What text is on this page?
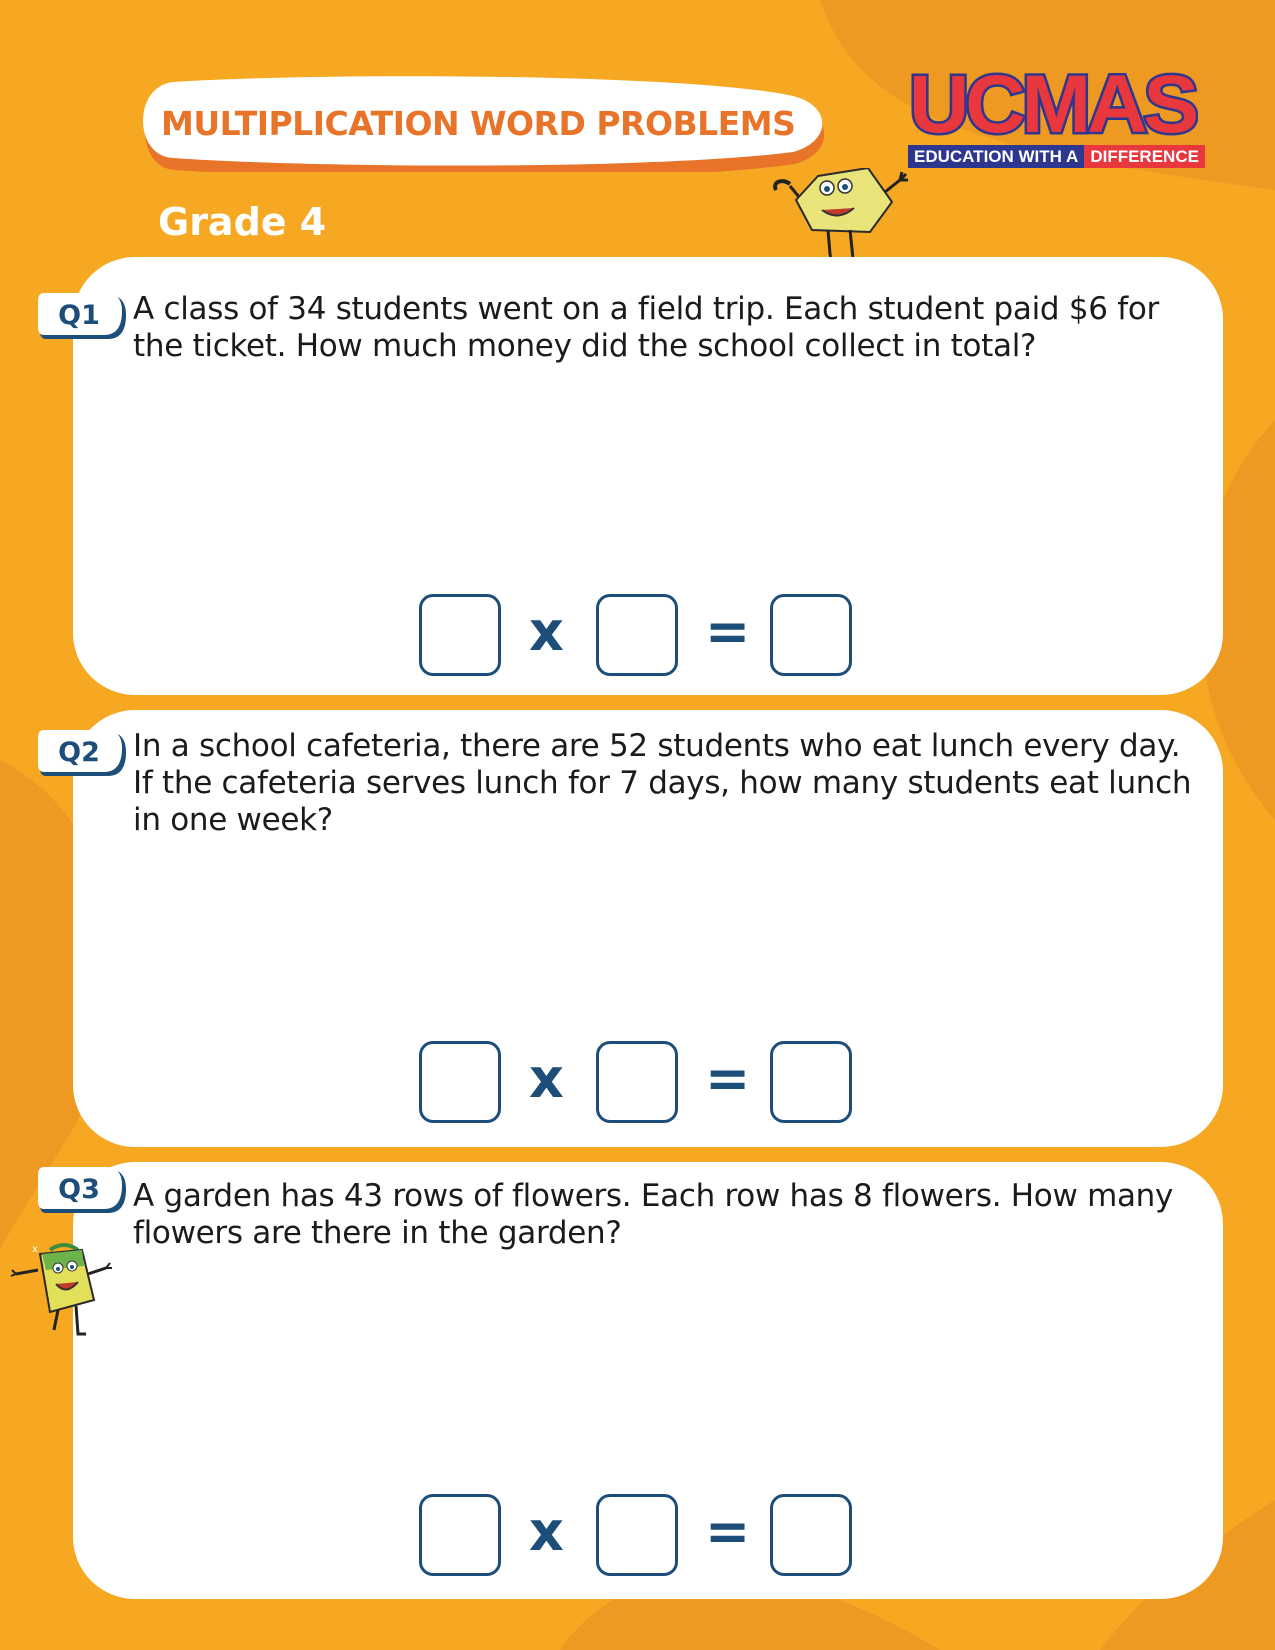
MULTIPLICATION WORD PROBLEMS
Grade 4
UCMAS
EDUCATION WITH A DIFFERENCE
Q1	A class of 34 students went on a field trip. Each student paid $6 for the ticket. How much money did the school collect in total?
x	=
Q2	In a school cafeteria, there are 52 students who eat lunch every day. If the cafeteria serves lunch for 7 days, how many students eat lunch in one week?
x	=
Q3	A garden has 43 rows of flowers. Each row has 8 flowers. How many flowers are there in the garden?
x	=
x
